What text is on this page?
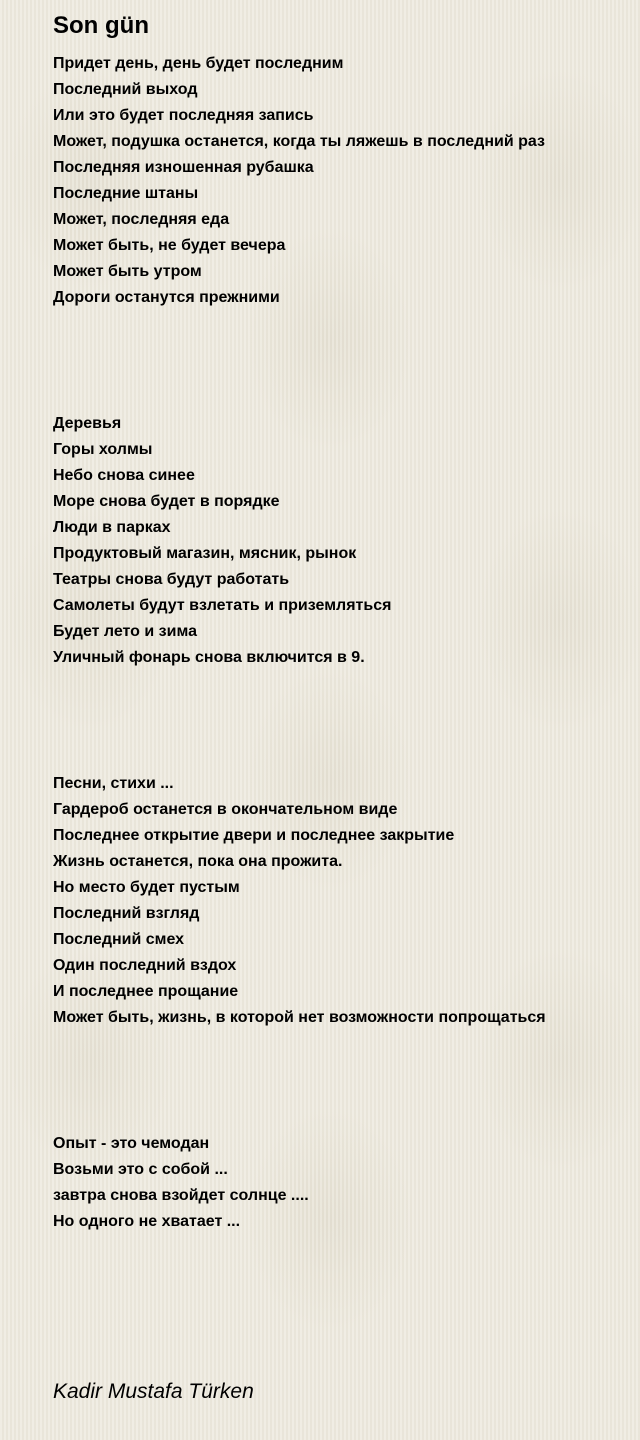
Son gün
Придет день, день будет последним
Последний выход
Или это будет последняя запись
Может, подушка останется, когда ты ляжешь в последний раз
Последняя изношенная рубашка
Последние штаны
Может, последняя еда
Может быть, не будет вечера
Может быть утром
Дороги останутся прежними
Деревья
Горы холмы
Небо снова синее
Море снова будет в порядке
Люди в парках
Продуктовый магазин, мясник, рынок
Театры снова будут работать
Самолеты будут взлетать и приземляться
Будет лето и зима
Уличный фонарь снова включится в 9.
Песни, стихи ...
Гардероб останется в окончательном виде
Последнее открытие двери и последнее закрытие
Жизнь останется, пока она прожита.
Но место будет пустым
Последний взгляд
Последний смех
Один последний вздох
И последнее прощание
Может быть, жизнь, в которой нет возможности попрощаться
Опыт - это чемодан
Возьми это с собой ...
завтра снова взойдет солнце ....
Но одного не хватает ...

Kadir Mustafa Türken
